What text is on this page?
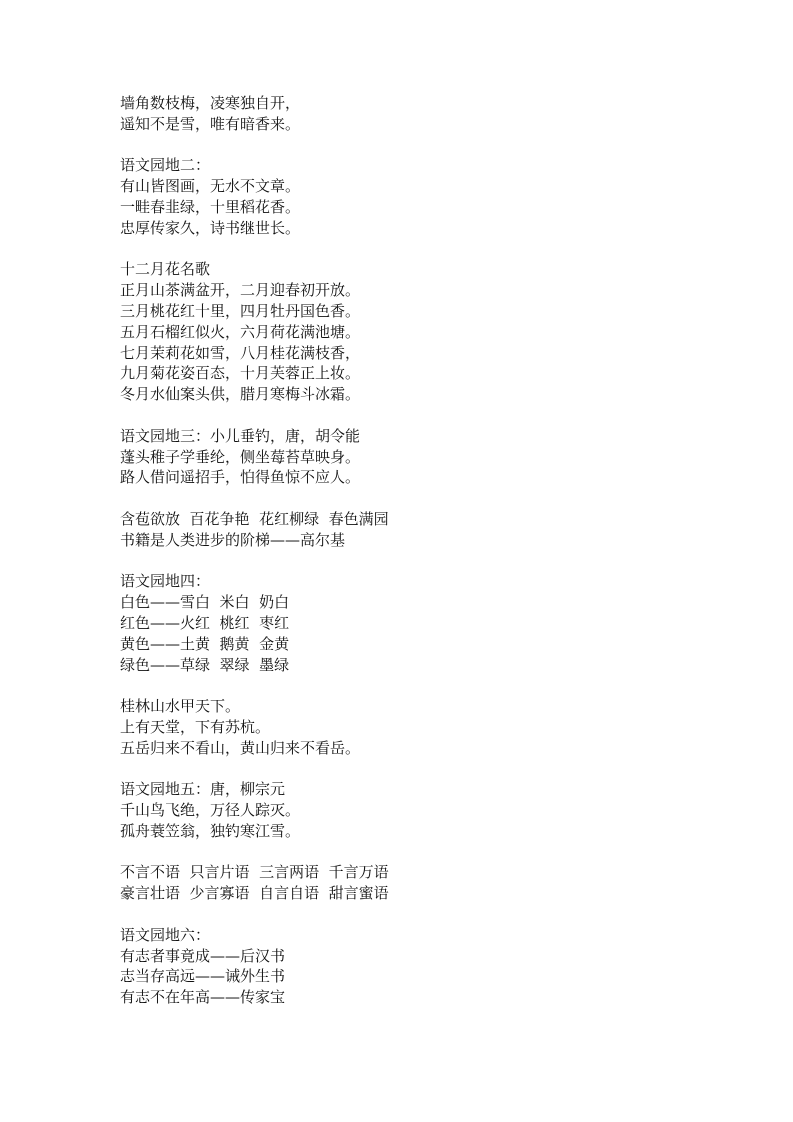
墙角数枝梅，凌寒独自开，
遥知不是雪，唯有暗香来。
语文园地二：
有山皆图画，无水不文章。
一畦春韭绿，十里稻花香。
忠厚传家久，诗书继世长。
十二月花名歌
正月山茶满盆开，二月迎春初开放。
三月桃花红十里，四月牡丹国色香。
五月石榴红似火，六月荷花满池塘。
七月茉莉花如雪，八月桂花满枝香，
九月菊花姿百态，十月芙蓉正上妆。
冬月水仙案头供，腊月寒梅斗冰霜。
语文园地三：小儿垂钓，唐，胡令能
蓬头稚子学垂纶，侧坐莓苔草映身。
路人借问遥招手，怕得鱼惊不应人。
含苞欲放  百花争艳  花红柳绿  春色满园
书籍是人类进步的阶梯——高尔基
语文园地四：
白色——雪白  米白  奶白
红色——火红  桃红  枣红
黄色——土黄  鹅黄  金黄
绿色——草绿  翠绿  墨绿
桂林山水甲天下。
上有天堂，下有苏杭。
五岳归来不看山，黄山归来不看岳。
语文园地五：唐，柳宗元
千山鸟飞绝，万径人踪灭。
孤舟蓑笠翁，独钓寒江雪。
不言不语  只言片语  三言两语  千言万语
豪言壮语  少言寡语  自言自语  甜言蜜语
语文园地六：
有志者事竟成——后汉书
志当存高远——诫外生书
有志不在年高——传家宝
